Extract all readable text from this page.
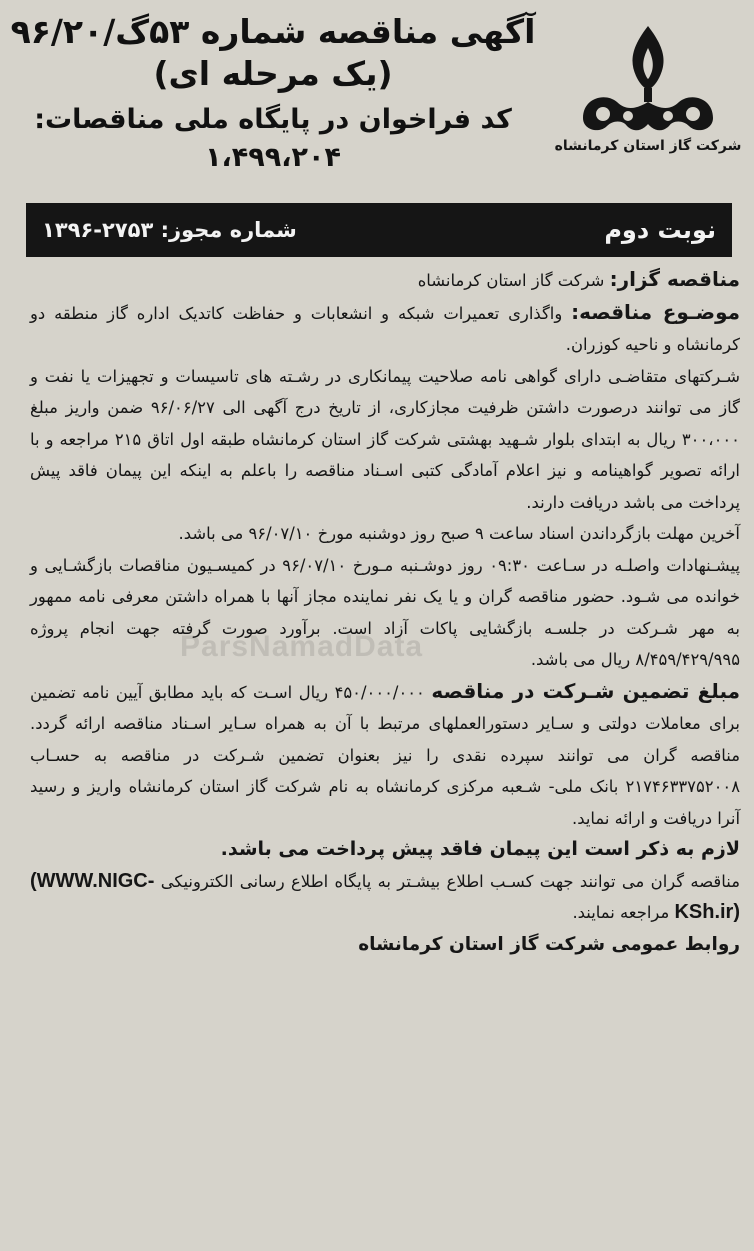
شرکت گاز استان کرمانشاه
آگهی مناقصه شماره ۵۳گ/۹۶/۲۰
(یک مرحله ای)
کد فراخوان در پایگاه ملی مناقصات:
۱،۴۹۹،۲۰۴
نوبت دوم
شماره مجوز: ۲۷۵۳-۱۳۹۶
ParsNamadData

مناقصه گزار: شرکت گاز استان کرمانشاه

موضـوع مناقصه: واگذاری تعمیرات شبکه و انشعابات و حفاظت کاتدیک اداره گاز منطقه دو کرمانشاه و ناحیه کوزران.

شـرکتهای متقاضـی دارای گواهی نامه صلاحیت پیمانکاری در رشـته های تاسیسات و تجهیزات یا نفت و گاز می توانند درصورت داشتن ظرفیت مجازکاری، از تاریخ درج آگهی الی ۹۶/۰۶/۲۷ ضمن واریز مبلغ ۳۰۰،۰۰۰ ریال به ابتدای بلوار شـهید بهشتی شرکت گاز استان کرمانشاه طبقه اول اتاق ۲۱۵ مراجعه و با ارائه تصویر گواهینامه و نیز اعلام آمادگی کتبی اسـناد مناقصه را باعلم به اینکه این پیمان فاقد پیش پرداخت می باشد دریافت دارند.

آخرین مهلت بازگرداندن اسناد ساعت ۹ صبح روز دوشنبه مورخ ۹۶/۰۷/۱۰ می باشد.

پیشـنهادات واصلـه در سـاعت ۰۹:۳۰ روز دوشـنبه مـورخ ۹۶/۰۷/۱۰ در کمیسـیون مناقصات بازگشـایی و خوانده می شـود. حضور مناقصه گران و یا یک نفر نماینده مجاز آنها با همراه داشتن معرفی نامه ممهور به مهر شـرکت در جلسـه بازگشایی پاکات آزاد است. برآورد صورت گرفته جهت انجام پروژه ۸/۴۵۹/۴۲۹/۹۹۵ ریال می باشد.

مبلغ تضمین شـرکت در مناقصه ۴۵۰/۰۰۰/۰۰۰ ریال اسـت که باید مطابق آیین نامه تضمین برای معاملات دولتی و سـایر دستورالعملهای مرتبط با آن به همراه سـایر اسـناد مناقصه ارائه گردد. مناقصه گران می توانند سپرده نقدی را نیز بعنوان تضمین شـرکت در مناقصه به حسـاب ۲۱۷۴۶۳۳۷۵۲۰۰۸ بانک ملی- شـعبه مرکزی کرمانشاه به نام شرکت گاز استان کرمانشاه واریز و رسید آنرا دریافت و ارائه نماید.

لازم به ذکر است این پیمان فاقد پیش پرداخت می باشد.

مناقصه گران می توانند جهت کسـب اطلاع بیشـتر به پایگاه اطلاع رسانی الکترونیکی (WWW.NIGC-KSh.ir) مراجعه نمایند.

روابط عمومی شرکت گاز استان کرمانشاه
